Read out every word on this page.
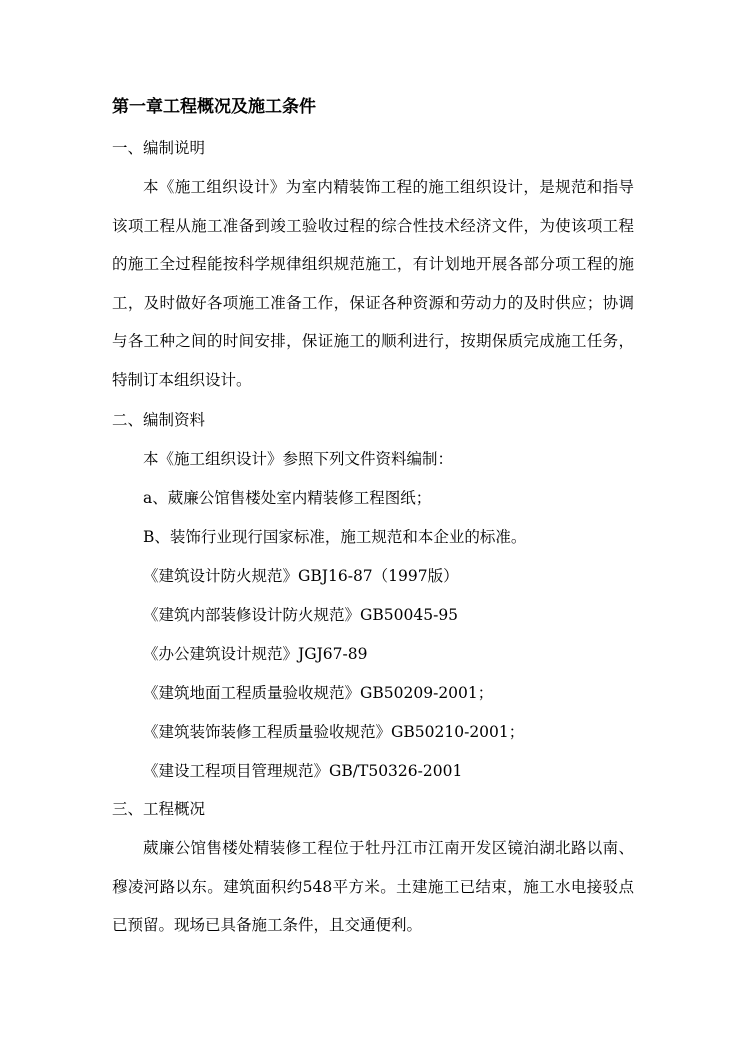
第一章工程概况及施工条件
一、编制说明
本《施工组织设计》为室内精装饰工程的施工组织设计，是规范和指导该项工程从施工准备到竣工验收过程的综合性技术经济文件，为使该项工程的施工全过程能按科学规律组织规范施工，有计划地开展各部分项工程的施工，及时做好各项施工准备工作，保证各种资源和劳动力的及时供应；协调与各工种之间的时间安排，保证施工的顺利进行，按期保质完成施工任务，特制订本组织设计。
二、编制资料
本《施工组织设计》参照下列文件资料编制：
a、葳廉公馆售楼处室内精装修工程图纸；
B、装饰行业现行国家标准，施工规范和本企业的标准。
《建筑设计防火规范》GBJ16-87（1997版）
《建筑内部装修设计防火规范》GB50045-95
《办公建筑设计规范》JGJ67-89
《建筑地面工程质量验收规范》GB50209-2001；
《建筑装饰装修工程质量验收规范》GB50210-2001；
《建设工程项目管理规范》GB/T50326-2001
三、工程概况
葳廉公馆售楼处精装修工程位于牡丹江市江南开发区镜泊湖北路以南、穆凌河路以东。建筑面积约548平方米。土建施工已结束，施工水电接驳点已预留。现场已具备施工条件，且交通便利。
